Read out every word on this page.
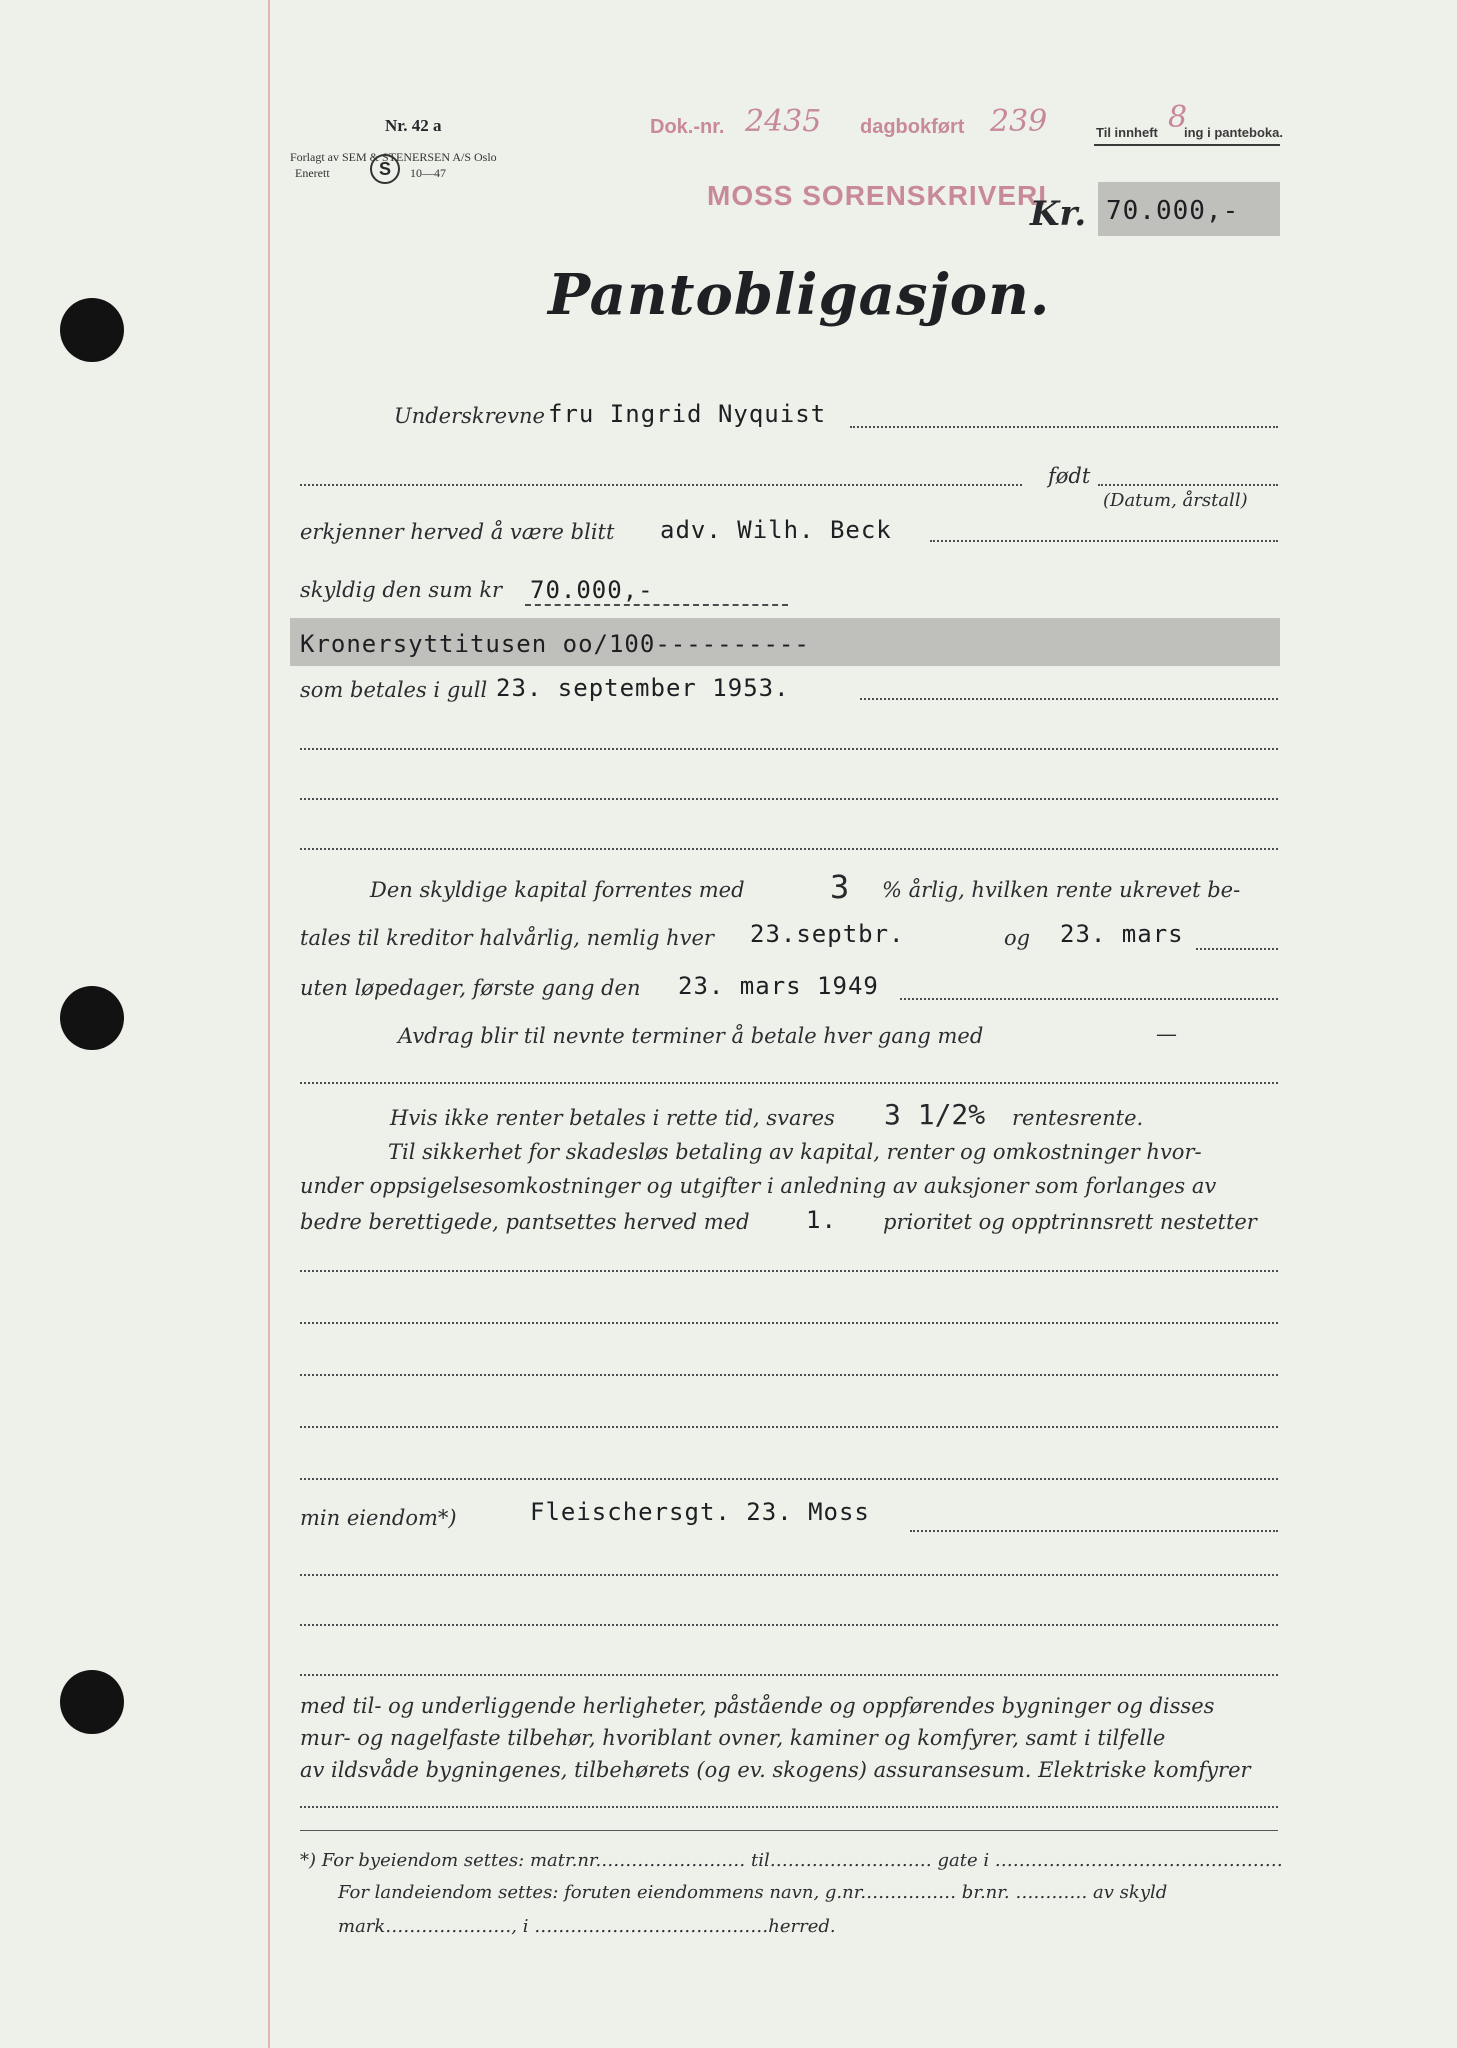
Nr. 42 a
Forlagt av SEM & STENERSEN A/S Oslo
Enerett	S	10—47
Dok.-nr. 2435 dagbokført 239	Til innheft 8
ing i panteboka.
MOSS SORENSKRIVERI
Kr. 70.000,-
Pantobligasjon.
Underskrevne fru Ingrid Nyquist
født
(Datum, årstall)
erkjenner herved å være blitt adv. Wilh. Beck
skyldig den sum kr 70.000,-
Kronersyttitusen oo/100----------
som betales i gull 23. september 1953.
Den skyldige kapital forrentes med	3 % årlig, hvilken rente ukrevet be-
tales til kreditor halvårlig, nemlig hver 23.septbr.	og 23. mars
uten løpedager, første gang den 23. mars 1949
Avdrag blir til nevnte terminer å betale hver gang med	—
Hvis ikke renter betales i rette tid, svares 3 1/2% rentesrente.
Til sikkerhet for skadesløs betaling av kapital, renter og omkostninger hvor-
under oppsigelsesomkostninger og utgifter i anledning av auksjoner som forlanges av
bedre berettigede, pantsettes herved med 1. prioritet og opptrinnsrett nestetter
min eiendom*)	Fleischersgt. 23. Moss
med til- og underliggende herligheter, påstående og oppførendes bygninger og disses
mur- og nagelfaste tilbehør, hvoriblant ovner, kaminer og komfyrer, samt i tilfelle
av ildsvåde bygningenes, tilbehørets (og ev. skogens) assuransesum. Elektriske komfyrer
*) For byeiendom settes: matr.nr.…………………… til……………………… gate i …………………………………………
For landeiendom settes: foruten eiendommens navn, g.nr.…………… br.nr. ………… av skyld
mark…………………, i …………………………………herred.
